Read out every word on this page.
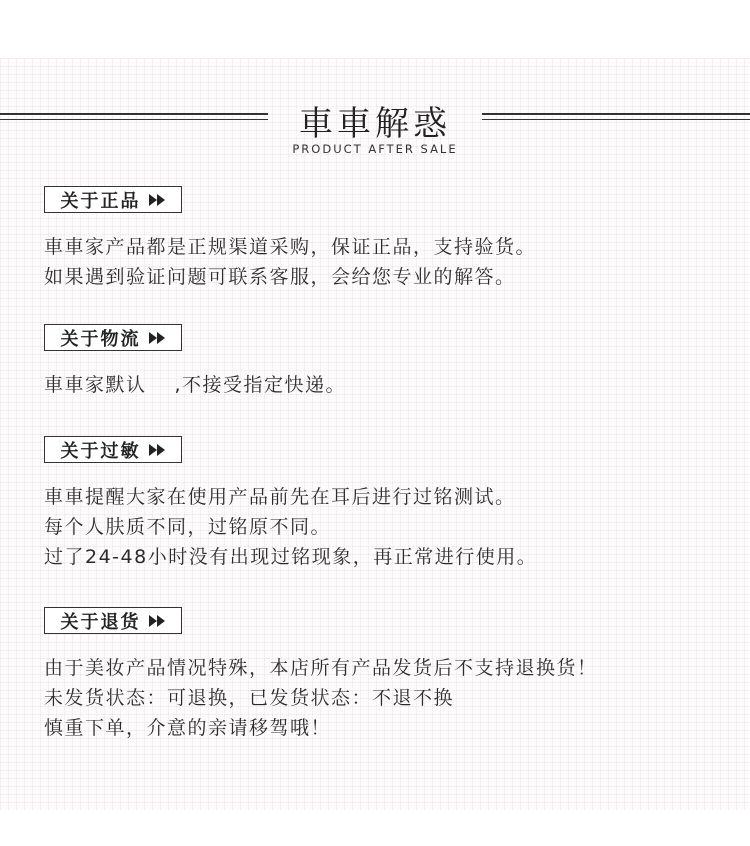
車車解惑
PRODUCT AFTER SALE
关于正品
車車家产品都是正规渠道采购，保证正品，支持验货。
如果遇到验证问题可联系客服，会给您专业的解答。
关于物流
車車家默认 ,不接受指定快递。
关于过敏
車車提醒大家在使用产品前先在耳后进行过铭测试。
每个人肤质不同，过铭原不同。
过了24-48小时没有出现过铭现象，再正常进行使用。
关于退货
由于美妆产品情况特殊，本店所有产品发货后不支持退换货！
未发货状态：可退换，已发货状态：不退不换
慎重下单，介意的亲请移驾哦！
